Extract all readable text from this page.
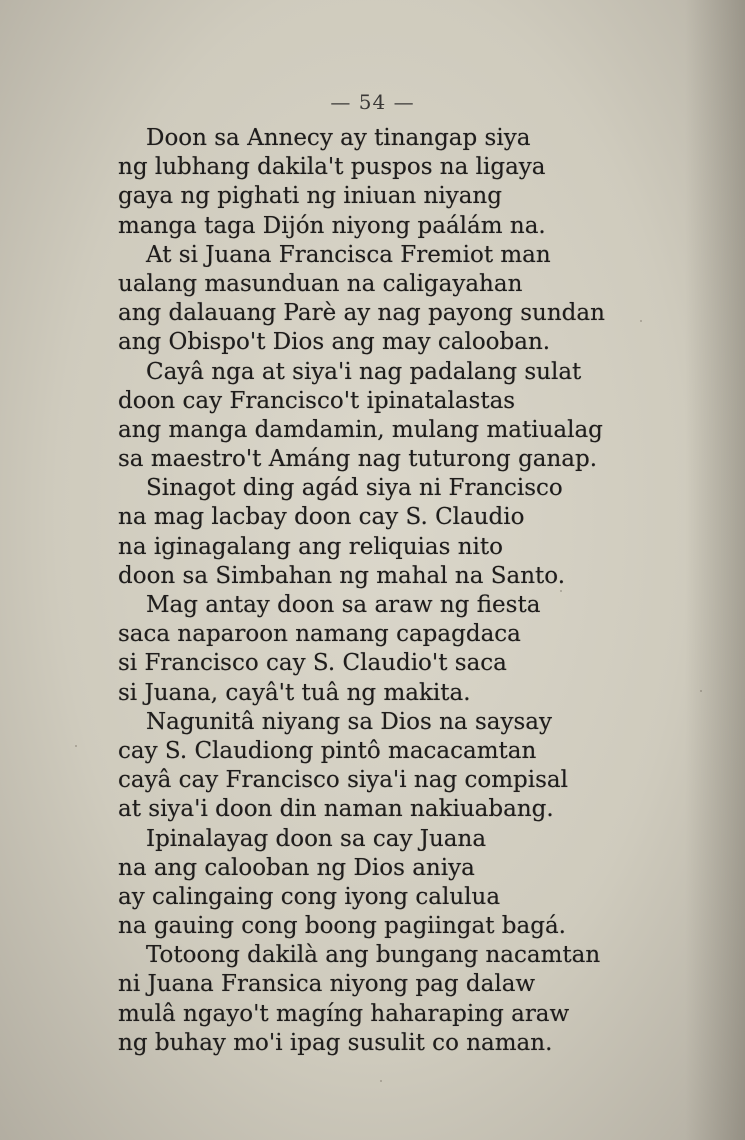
— 54 —
Doon sa Annecy ay tinangap siya
ng lubhang dakila't puspos na ligaya
gaya ng pighati ng iniuan niyang
manga taga Dijón niyong paálám na.
At si Juana Francisca Fremiot man
ualang masunduan na caligayahan
ang dalauang Parè ay nag payong sundan
ang Obispo't Dios ang may calooban.
Cayâ nga at siya'i nag padalang sulat
doon cay Francisco't ipinatalastas
ang manga damdamin, mulang matiualag
sa maestro't Amáng nag tuturong ganap.
Sinagot ding agád siya ni Francisco
na mag lacbay doon cay S. Claudio
na iginagalang ang reliquias nito
doon sa Simbahan ng mahal na Santo.
Mag antay doon sa araw ng fiesta
saca naparoon namang capagdaca
si Francisco cay S. Claudio't saca
si Juana, cayâ't tuâ ng makita.
Nagunitâ niyang sa Dios na saysay
cay S. Claudiong pintô macacamtan
cayâ cay Francisco siya'i nag compisal
at siya'i doon din naman nakiuabang.
Ipinalayag doon sa cay Juana
na ang calooban ng Dios aniya
ay calingaing cong iyong calulua
na gauing cong boong pagiingat bagá.
Totoong dakilà ang bungang nacamtan
ni Juana Fransica niyong pag dalaw
mulâ ngayo't magíng haharaping araw
ng buhay mo'i ipag susulit co naman.
